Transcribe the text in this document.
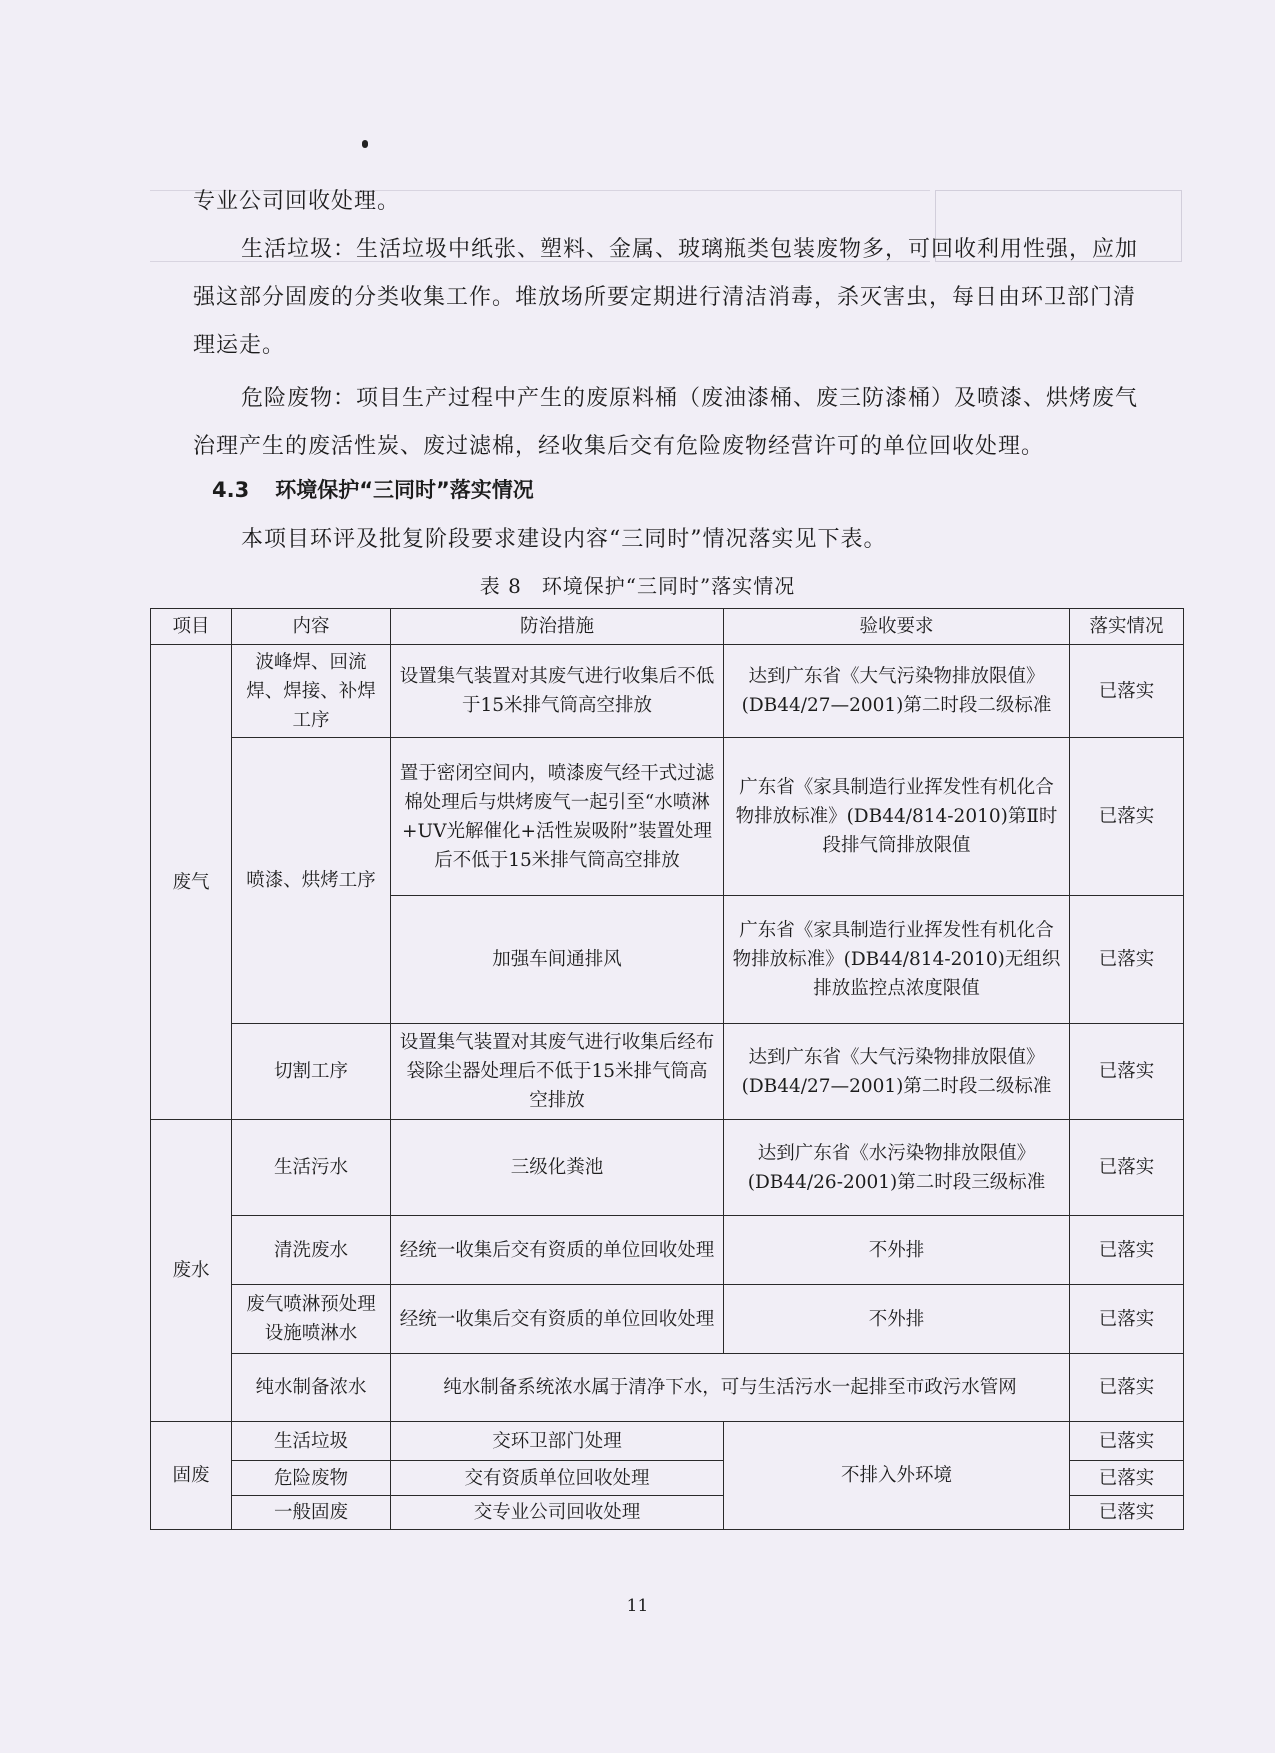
专业公司回收处理。

生活垃圾：生活垃圾中纸张、塑料、金属、玻璃瓶类包装废物多，可回收利用性强，应加强这部分固废的分类收集工作。堆放场所要定期进行清洁消毒，杀灭害虫，每日由环卫部门清理运走。

危险废物：项目生产过程中产生的废原料桶（废油漆桶、废三防漆桶）及喷漆、烘烤废气治理产生的废活性炭、废过滤棉，经收集后交有危险废物经营许可的单位回收处理。

4.3 环境保护“三同时”落实情况

本项目环评及批复阶段要求建设内容“三同时”情况落实见下表。

表 8 环境保护“三同时”落实情况
项目	内容	防治措施	验收要求	落实情况
废气	波峰焊、回流焊、焊接、补焊工序	设置集气装置对其废气进行收集后不低于15米排气筒高空排放	达到广东省《大气污染物排放限值》(DB44/27—2001)第二时段二级标准	已落实
	喷漆、烘烤工序	置于密闭空间内，喷漆废气经干式过滤棉处理后与烘烤废气一起引至“水喷淋+UV光解催化+活性炭吸附”装置处理后不低于15米排气筒高空排放	广东省《家具制造行业挥发性有机化合物排放标准》(DB44/814-2010)第Ⅱ时段排气筒排放限值	已落实
		加强车间通排风	广东省《家具制造行业挥发性有机化合物排放标准》(DB44/814-2010)无组织排放监控点浓度限值	已落实
	切割工序	设置集气装置对其废气进行收集后经布袋除尘器处理后不低于15米排气筒高空排放	达到广东省《大气污染物排放限值》(DB44/27—2001)第二时段二级标准	已落实
废水	生活污水	三级化粪池	达到广东省《水污染物排放限值》(DB44/26-2001)第二时段三级标准	已落实
	清洗废水	经统一收集后交有资质的单位回收处理	不外排	已落实
	废气喷淋预处理设施喷淋水	经统一收集后交有资质的单位回收处理	不外排	已落实
	纯水制备浓水	纯水制备系统浓水属于清净下水，可与生活污水一起排至市政污水管网		已落实
固废	生活垃圾	交环卫部门处理	不排入外环境	已落实
	危险废物	交有资质单位回收处理		已落实
	一般固废	交专业公司回收处理		已落实
11
